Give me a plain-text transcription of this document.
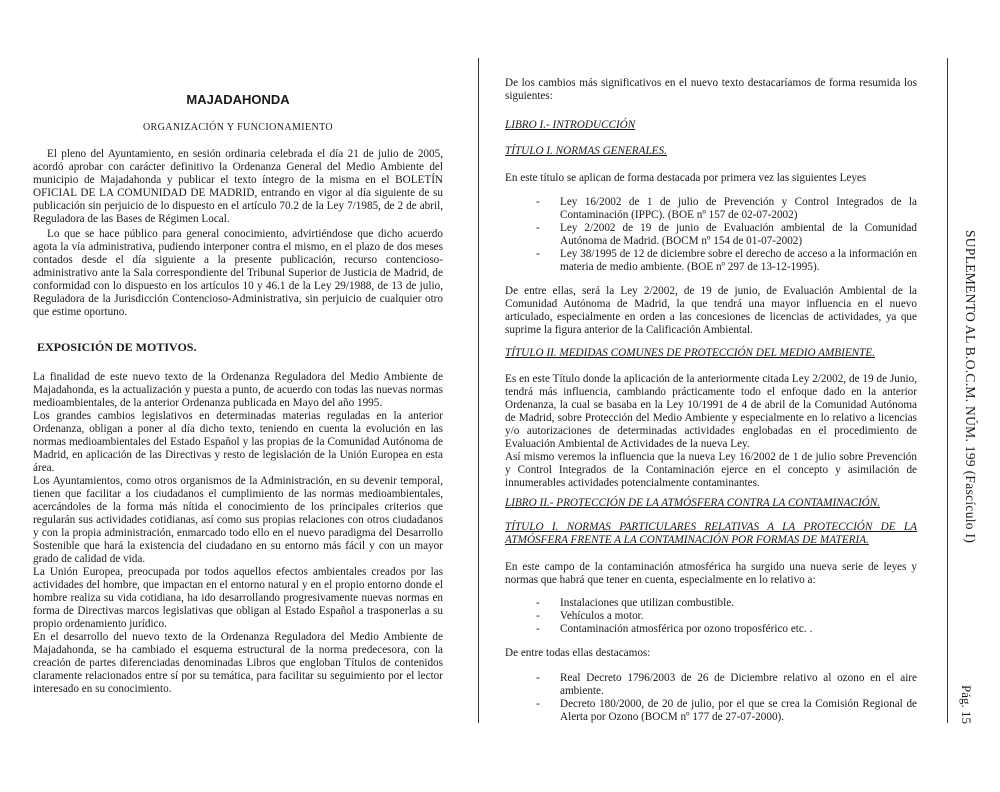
MAJADAHONDA
ORGANIZACIÓN Y FUNCIONAMIENTO

El pleno del Ayuntamiento, en sesión ordinaria celebrada el día 21 de julio de 2005, acordó aprobar con carácter definitivo la Ordenanza General del Medio Ambiente del municipio de Majadahonda y publicar el texto íntegro de la misma en el BOLETÍN OFICIAL DE LA COMUNIDAD DE MADRID, entrando en vigor al día siguiente de su publicación sin perjuicio de lo dispuesto en el artículo 70.2 de la Ley 7/1985, de 2 de abril, Reguladora de las Bases de Régimen Local.

Lo que se hace público para general conocimiento, advirtiéndose que dicho acuerdo agota la vía administrativa, pudiendo interponer contra el mismo, en el plazo de dos meses contados desde el día siguiente a la presente publicación, recurso contencioso-administrativo ante la Sala correspondiente del Tribunal Superior de Justicia de Madrid, de conformidad con lo dispuesto en los artículos 10 y 46.1 de la Ley 29/1988, de 13 de julio, Reguladora de la Jurisdicción Contencioso-Administrativa, sin perjuicio de cualquier otro que estime oportuno.

EXPOSICIÓN DE MOTIVOS.

La finalidad de este nuevo texto de la Ordenanza Reguladora del Medio Ambiente de Majadahonda, es la actualización y puesta a punto, de acuerdo con todas las nuevas normas medioambientales, de la anterior Ordenanza publicada en Mayo del año 1995.

Los grandes cambios legislativos en determinadas materias reguladas en la anterior Ordenanza, obligan a poner al día dicho texto, teniendo en cuenta la evolución en las normas medioambientales del Estado Español y las propias de la Comunidad Autónoma de Madrid, en aplicación de las Directivas y resto de legislación de la Unión Europea en esta área.

Los Ayuntamientos, como otros organismos de la Administración, en su devenir temporal, tienen que facilitar a los ciudadanos el cumplimiento de las normas medioambientales, acercándoles de la forma más nítida el conocimiento de los principales criterios que regularán sus actividades cotidianas, así como sus propias relaciones con otros ciudadanos y con la propia administración, enmarcado todo ello en el nuevo paradigma del Desarrollo Sostenible que hará la existencia del ciudadano en su entorno más fácil y con un mayor grado de calidad de vida.

La Unión Europea, preocupada por todos aquellos efectos ambientales creados por las actividades del hombre, que impactan en el entorno natural y en el propio entorno donde el hombre realiza su vida cotidiana, ha ido desarrollando progresivamente nuevas normas en forma de Directivas marcos legislativas que obligan al Estado Español a trasponerlas a su propio ordenamiento jurídico.

En el desarrollo del nuevo texto de la Ordenanza Reguladora del Medio Ambiente de Majadahonda, se ha cambiado el esquema estructural de la norma predecesora, con la creación de partes diferenciadas denominadas Libros que engloban Títulos de contenidos claramente relacionados entre sí por su temática, para facilitar su seguimiento por el lector interesado en su conocimiento.

De los cambios más significativos en el nuevo texto destacaríamos de forma resumida los siguientes:

LIBRO I.- INTRODUCCIÓN
TÍTULO I. NORMAS GENERALES.

En este título se aplican de forma destacada por primera vez las siguientes Leyes

- Ley 16/2002 de 1 de julio de Prevención y Control Integrados de la Contaminación (IPPC). (BOE nº 157 de 02-07-2002)
- Ley 2/2002 de 19 de junio de Evaluación ambiental de la Comunidad Autónoma de Madrid. (BOCM nº 154 de 01-07-2002)
- Ley 38/1995 de 12 de diciembre sobre el derecho de acceso a la información en materia de medio ambiente. (BOE nº 297 de 13-12-1995).

De entre ellas, será la Ley 2/2002, de 19 de junio, de Evaluación Ambiental de la Comunidad Autónoma de Madrid, la que tendrá una mayor influencia en el nuevo articulado, especialmente en orden a las concesiones de licencias de actividades, ya que suprime la figura anterior de la Calificación Ambiental.

TÍTULO II. MEDIDAS COMUNES DE PROTECCIÓN DEL MEDIO AMBIENTE.

Es en este Título donde la aplicación de la anteriormente citada Ley 2/2002, de 19 de Junio, tendrá más influencia, cambiando prácticamente todo el enfoque dado en la anterior Ordenanza, la cual se basaba en la Ley 10/1991 de 4 de abril de la Comunidad Autónoma de Madrid, sobre Protección del Medio Ambiente y especialmente en lo relativo a licencias y/o autorizaciones de determinadas actividades englobadas en el procedimiento de Evaluación Ambiental de Actividades de la nueva Ley.

Así mismo veremos la influencia que la nueva Ley 16/2002 de 1 de julio sobre Prevención y Control Integrados de la Contaminación ejerce en el concepto y asimilación de innumerables actividades potencialmente contaminantes.

LIBRO II.- PROTECCIÓN DE LA ATMÓSFERA CONTRA LA CONTAMINACIÓN.

TÍTULO I. NORMAS PARTICULARES RELATIVAS A LA PROTECCIÓN DE LA ATMÓSFERA FRENTE A LA CONTAMINACIÓN POR FORMAS DE MATERIA.

En este campo de la contaminación atmosférica ha surgido una nueva serie de leyes y normas que habrá que tener en cuenta, especialmente en lo relativo a:

- Instalaciones que utilizan combustible.
- Vehículos a motor.
- Contaminación atmosférica por ozono troposférico etc. .

De entre todas ellas destacamos:

- Real Decreto 1796/2003 de 26 de Diciembre relativo al ozono en el aire ambiente.
- Decreto 180/2000, de 20 de julio, por el que se crea la Comisión Regional de Alerta por Ozono (BOCM nº 177 de 27-07-2000).
SUPLEMENTO AL B.O.C.M. NÚM. 199 (Fascículo I)
Pág. 15
